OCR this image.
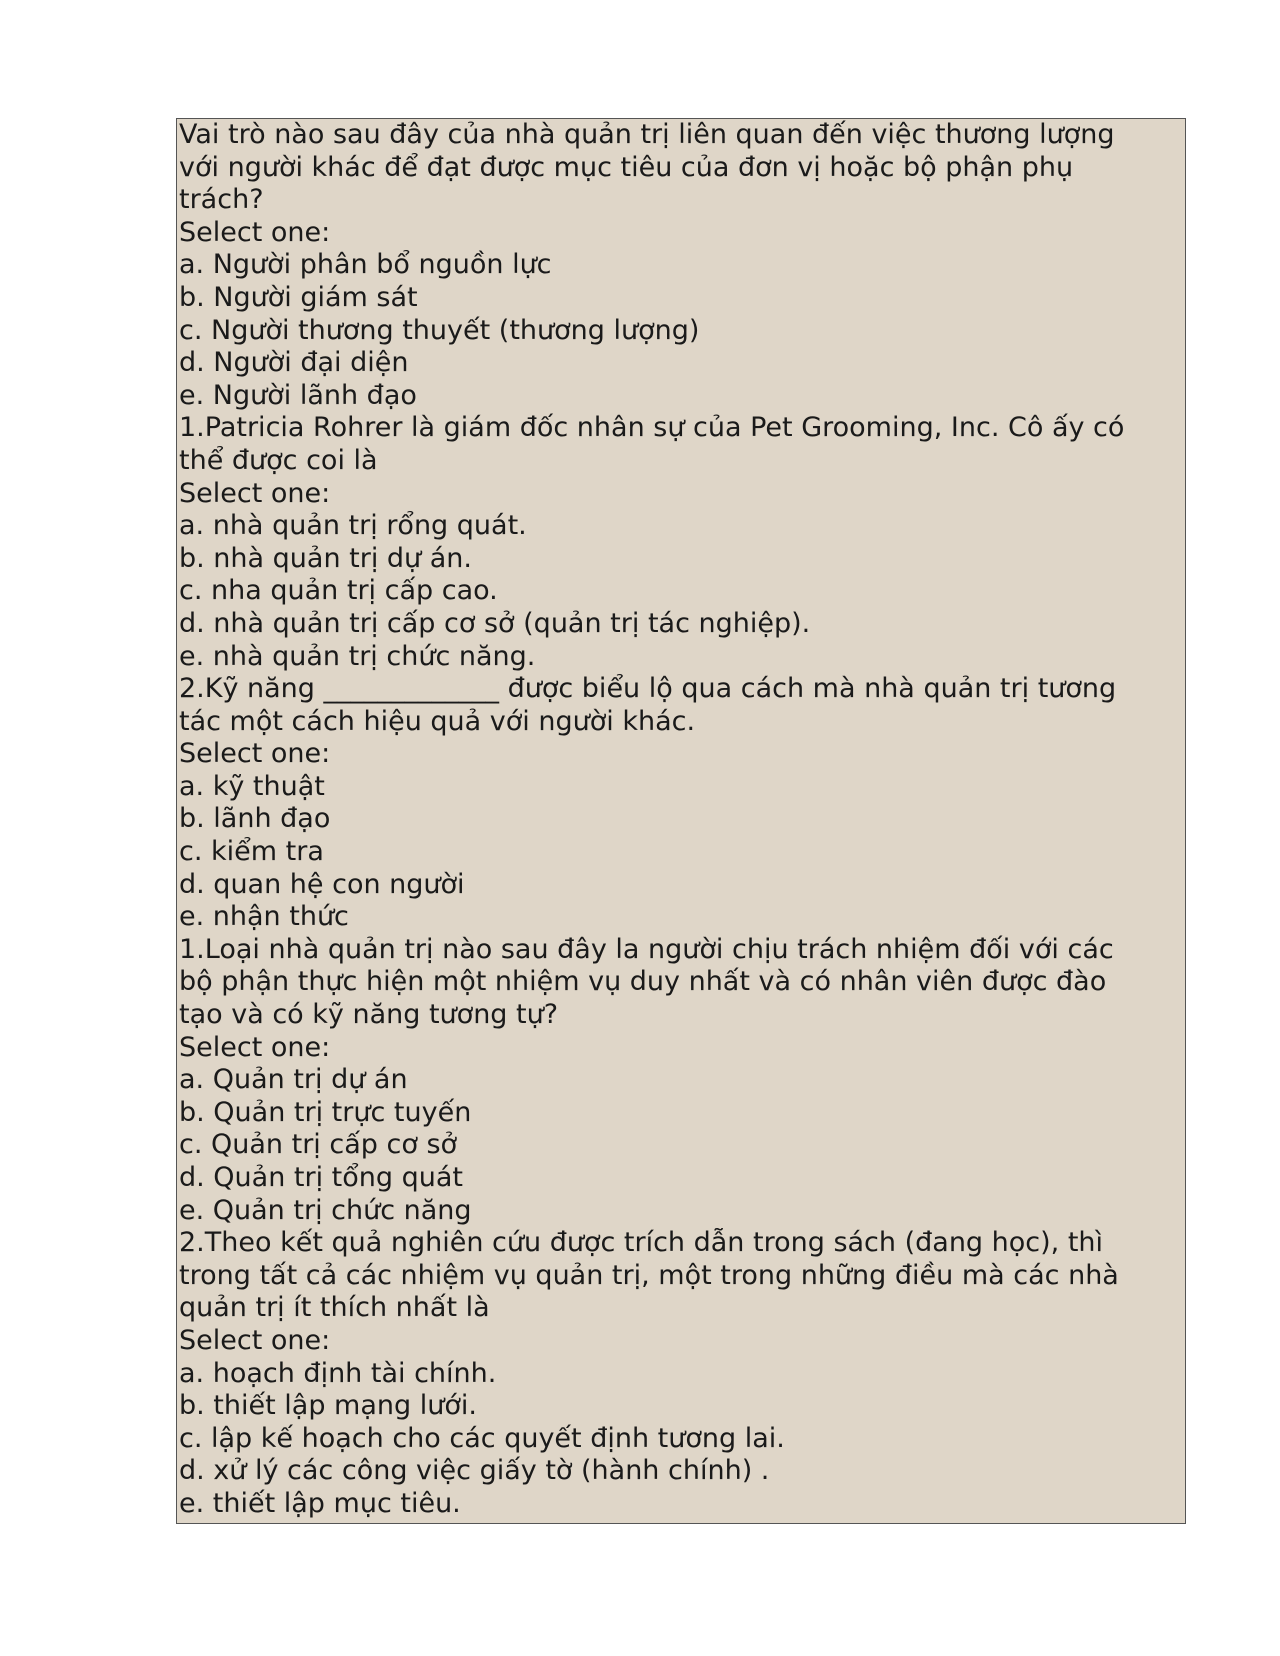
Vai trò nào sau đây của nhà quản trị liên quan đến việc thương lượng

với người khác để đạt được mục tiêu của đơn vị hoặc bộ phận phụ

trách?

Select one:

a. Người phân bổ nguồn lực

b. Người giám sát

c. Người thương thuyết (thương lượng)

d. Người đại diện

e. Người lãnh đạo

1.Patricia Rohrer là giám đốc nhân sự của Pet Grooming, Inc. Cô ấy có

thể được coi là

Select one:

a. nhà quản trị rổng quát.

b. nhà quản trị dự án.

c. nha quản trị cấp cao.

d. nhà quản trị cấp cơ sở (quản trị tác nghiệp).

e. nhà quản trị chức năng.

2.Kỹ năng _____________ được biểu lộ qua cách mà nhà quản trị tương

tác một cách hiệu quả với người khác.

Select one:

a. kỹ thuật

b. lãnh đạo

c. kiểm tra

d. quan hệ con người

e. nhận thức

1.Loại nhà quản trị nào sau đây la người chịu trách nhiệm đối với các

bộ phận thực hiện một nhiệm vụ duy nhất và có nhân viên được đào

tạo và có kỹ năng tương tự?

Select one:

a. Quản trị dự án

b. Quản trị trực tuyến

c. Quản trị cấp cơ sở

d. Quản trị tổng quát

e. Quản trị chức năng

2.Theo kết quả nghiên cứu được trích dẫn trong sách (đang học), thì

trong tất cả các nhiệm vụ quản trị, một trong những điều mà các nhà

quản trị ít thích nhất là

Select one:

a. hoạch định tài chính.

b. thiết lập mạng lưới.

c. lập kế hoạch cho các quyết định tương lai.

d. xử lý các công việc giấy tờ (hành chính) .

e. thiết lập mục tiêu.
